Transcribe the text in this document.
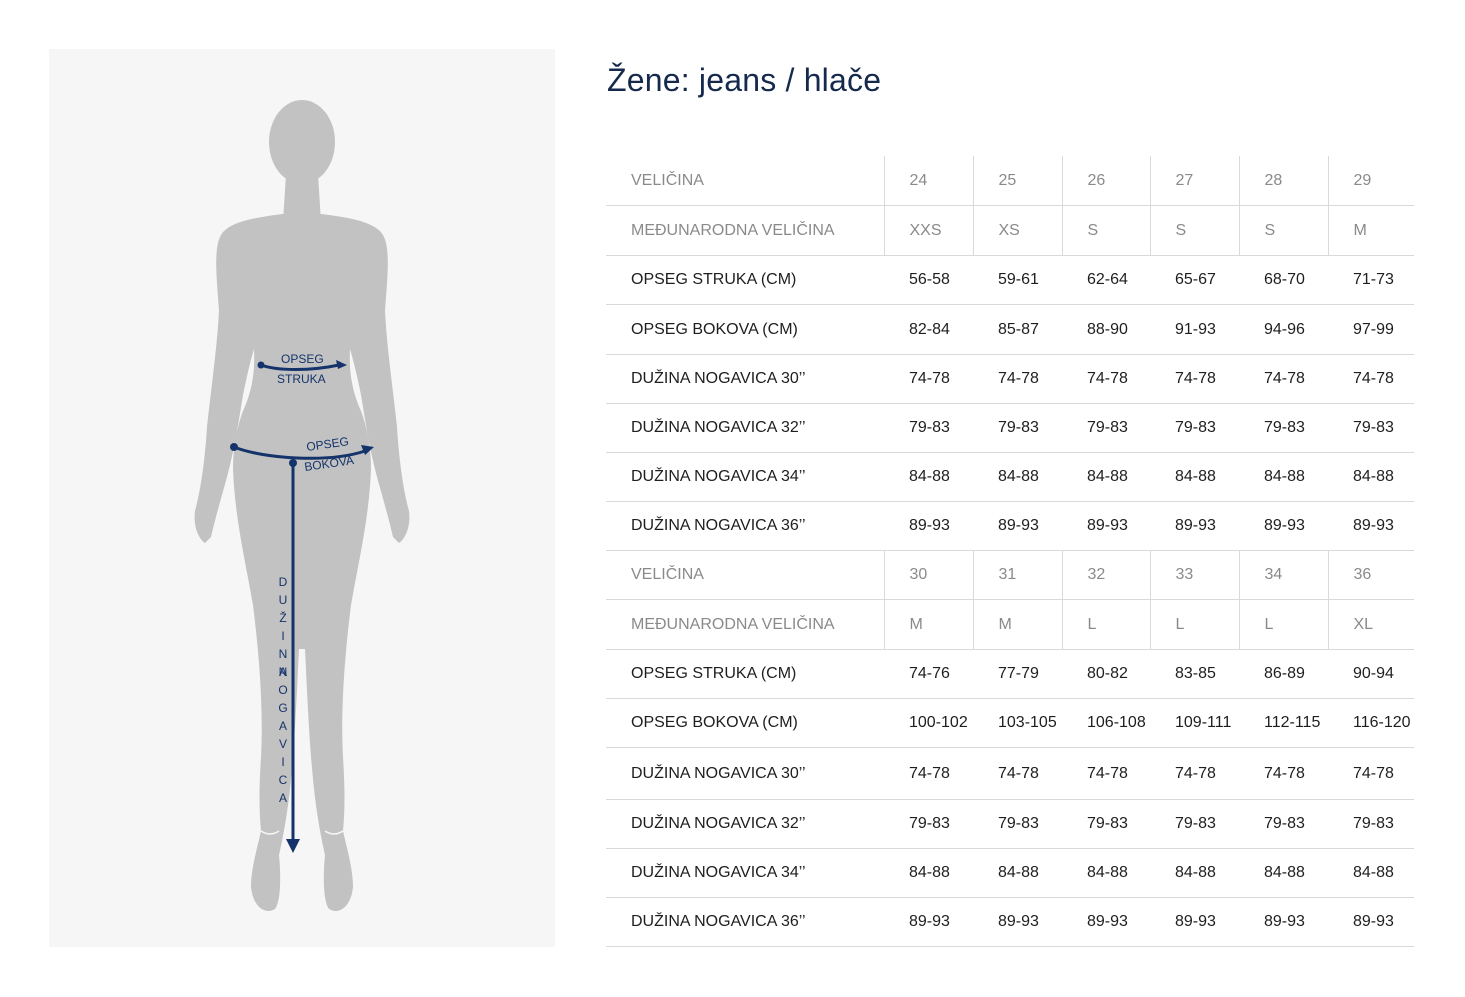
OPSEG
STRUKA
OPSEG
BOKOVA
DUŽINA
NOGAVICA
Žene: jeans / hlače
VELIČINA	24	25	26	27	28	29
MEĐUNARODNA VELIČINA	XXS	XS	S	S	S	M
OPSEG STRUKA (CM)	56-58	59-61	62-64	65-67	68-70	71-73
OPSEG BOKOVA (CM)	82-84	85-87	88-90	91-93	94-96	97-99
DUŽINA NOGAVICA 30’’	74-78	74-78	74-78	74-78	74-78	74-78
DUŽINA NOGAVICA 32’’	79-83	79-83	79-83	79-83	79-83	79-83
DUŽINA NOGAVICA 34’’	84-88	84-88	84-88	84-88	84-88	84-88
DUŽINA NOGAVICA 36’’	89-93	89-93	89-93	89-93	89-93	89-93
VELIČINA	30	31	32	33	34	36
MEĐUNARODNA VELIČINA	M	M	L	L	L	XL
OPSEG STRUKA (CM)	74-76	77-79	80-82	83-85	86-89	90-94
OPSEG BOKOVA (CM)	100-102	103-105	106-108	109-111	112-115	116-120
DUŽINA NOGAVICA 30’’	74-78	74-78	74-78	74-78	74-78	74-78
DUŽINA NOGAVICA 32’’	79-83	79-83	79-83	79-83	79-83	79-83
DUŽINA NOGAVICA 34’’	84-88	84-88	84-88	84-88	84-88	84-88
DUŽINA NOGAVICA 36’’	89-93	89-93	89-93	89-93	89-93	89-93
